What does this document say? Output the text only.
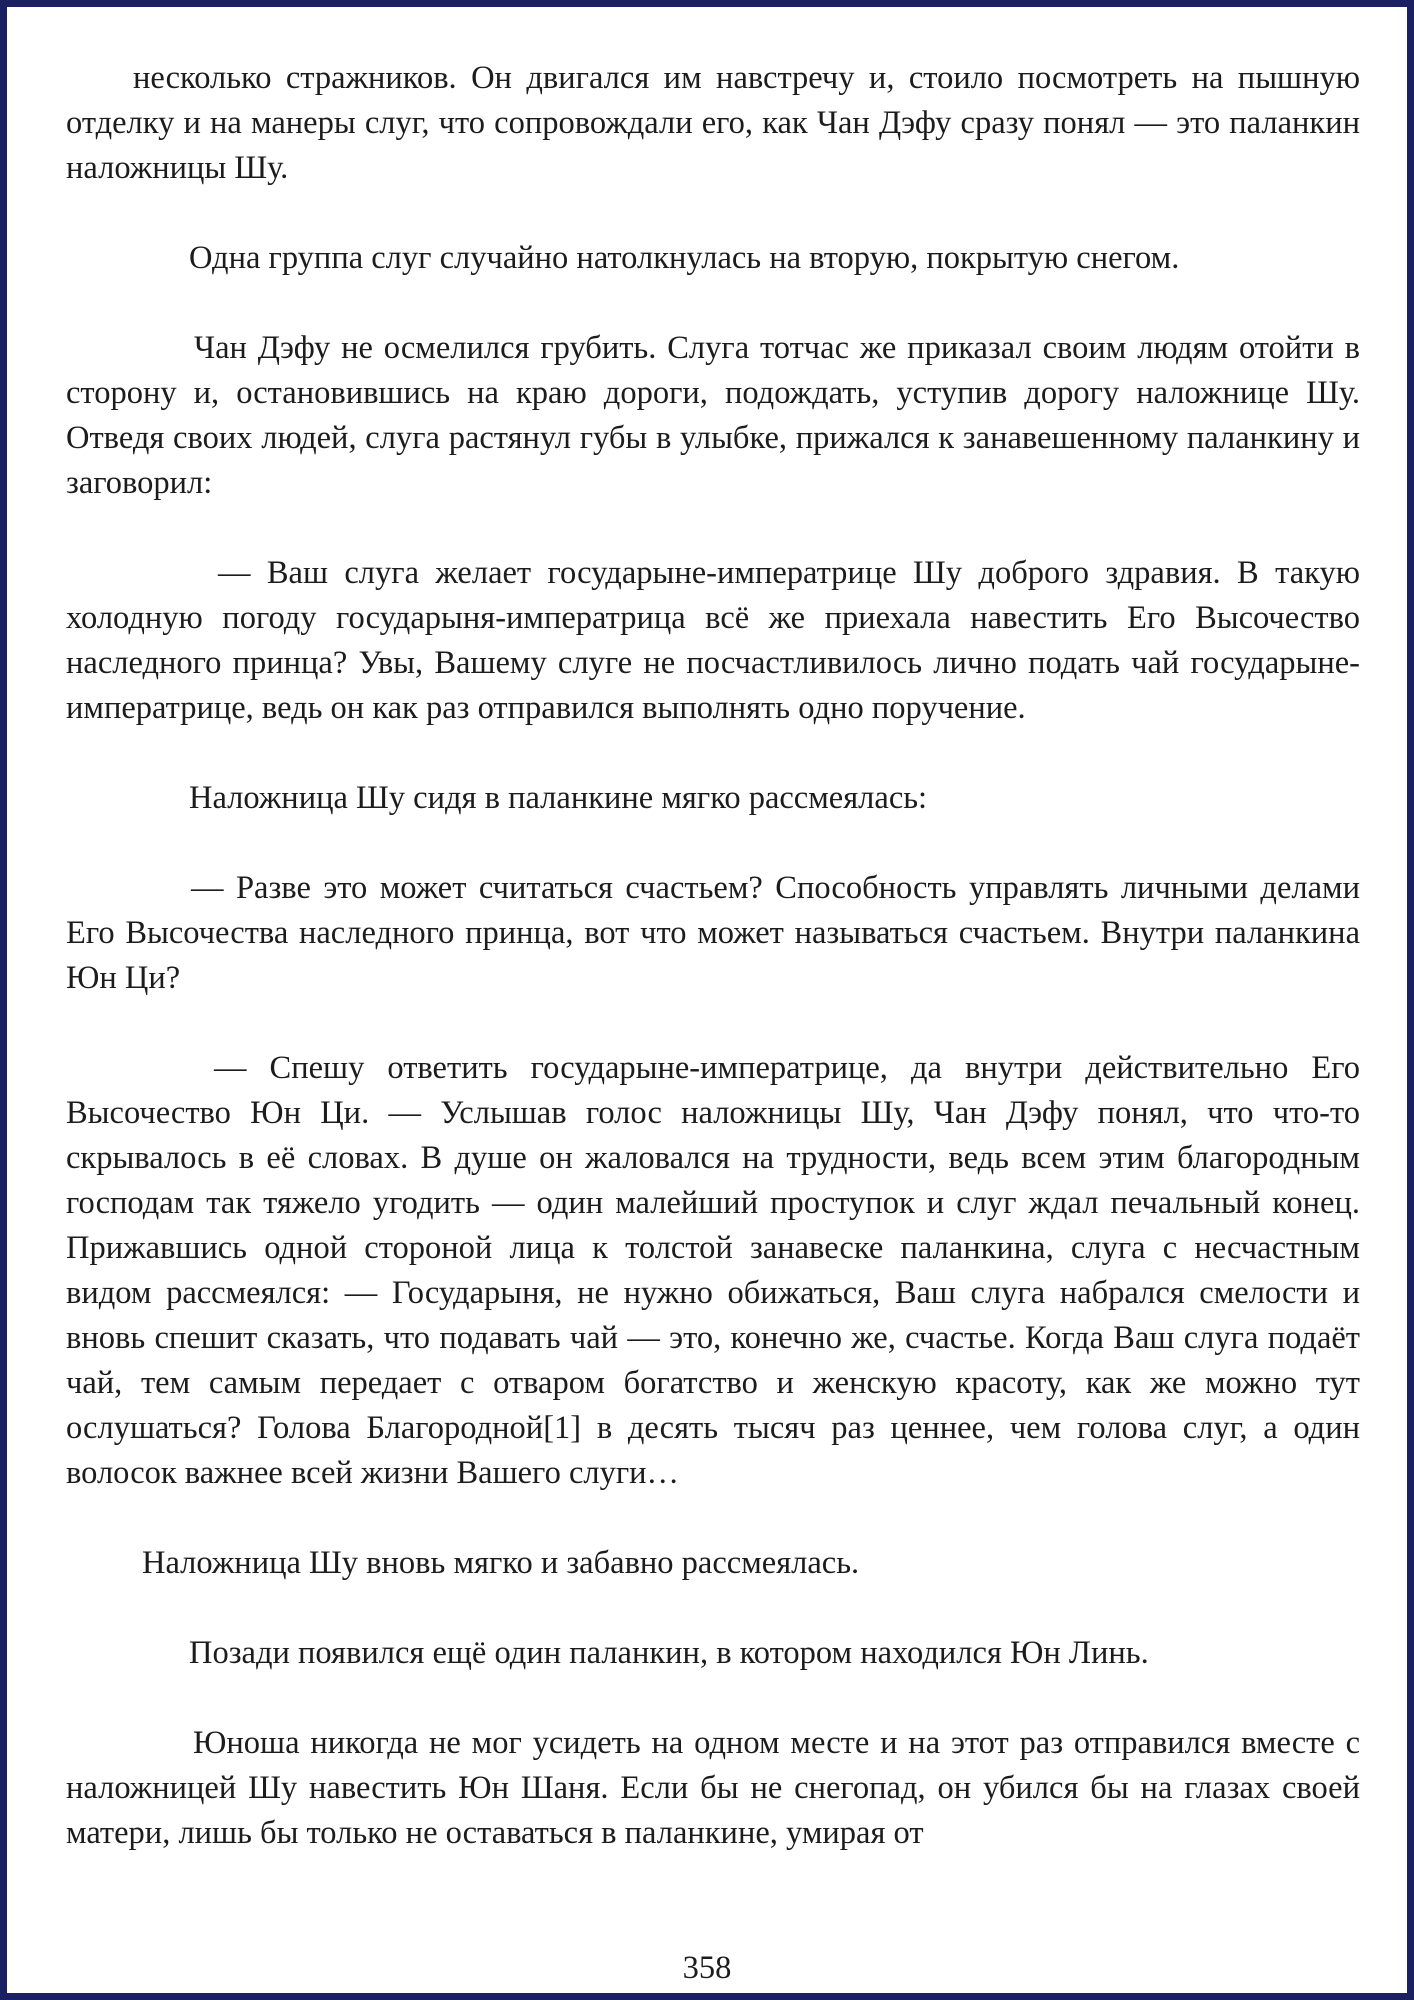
несколько стражников. Он двигался им навстречу и, стоило посмотреть на пышную отделку и на манеры слуг, что сопровождали его, как Чан Дэфу сразу понял — это паланкин наложницы Шу.

Одна группа слуг случайно натолкнулась на вторую, покрытую снегом.

Чан Дэфу не осмелился грубить. Слуга тотчас же приказал своим людям отойти в сторону и, остановившись на краю дороги, подождать, уступив дорогу наложнице Шу. Отведя своих людей, слуга растянул губы в улыбке, прижался к занавешенному паланкину и заговорил:

— Ваш слуга желает государыне-императрице Шу доброго здравия. В такую холодную погоду государыня-императрица всё же приехала навестить Его Высочество наследного принца? Увы, Вашему слуге не посчастливилось лично подать чай государыне-императрице, ведь он как раз отправился выполнять одно поручение.

Наложница Шу сидя в паланкине мягко рассмеялась:

— Разве это может считаться счастьем? Способность управлять личными делами Его Высочества наследного принца, вот что может называться счастьем. Внутри паланкина Юн Ци?

— Спешу ответить государыне-императрице, да внутри действительно Его Высочество Юн Ци. — Услышав голос наложницы Шу, Чан Дэфу понял, что что-то скрывалось в её словах. В душе он жаловался на трудности, ведь всем этим благородным господам так тяжело угодить — один малейший проступок и слуг ждал печальный конец. Прижавшись одной стороной лица к толстой занавеске паланкина, слуга с несчастным видом рассмеялся: — Государыня, не нужно обижаться, Ваш слуга набрался смелости и вновь спешит сказать, что подавать чай — это, конечно же, счастье. Когда Ваш слуга подаёт чай, тем самым передает с отваром богатство и женскую красоту, как же можно тут ослушаться? Голова Благородной[1] в десять тысяч раз ценнее, чем голова слуг, а один волосок важнее всей жизни Вашего слуги…

Наложница Шу вновь мягко и забавно рассмеялась.

Позади появился ещё один паланкин, в котором находился Юн Линь.

Юноша никогда не мог усидеть на одном месте и на этот раз отправился вместе с наложницей Шу навестить Юн Шаня. Если бы не снегопад, он убился бы на глазах своей матери, лишь бы только не оставаться в паланкине, умирая от

358
